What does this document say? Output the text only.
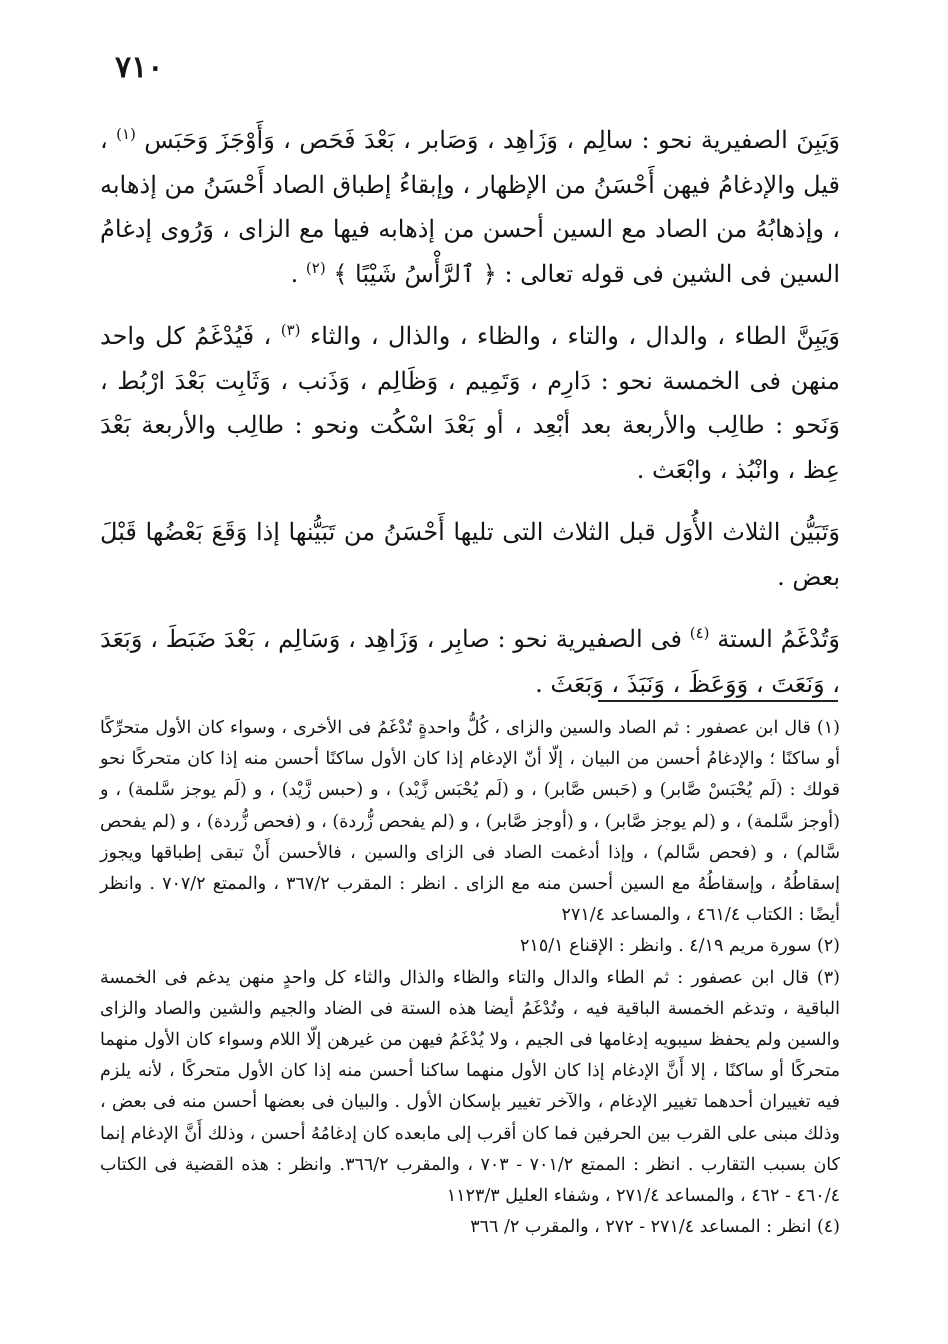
٧١٠

وَيَبِنَ الصفيرية نحو : سالِم ، وَزَاهِد ، وَصَابر ، بَعْدَ فَحَص ، وَأَوْجَزَ وَحَبَس $^{(١)}$ ، قيل والإدغامُ فيهن أَحْسَنُ من الإظهار ، وإبقاءُ إطباق الصاد أَحْسَنُ من إذهابه ، وإذهابُهُ من الصاد مع السين أحسن من إذهابه فيها مع الزاى ، وَرُوى إدغامُ السين فى الشين فى قوله تعالى : ﴿ ٱلرَّأْسُ شَيْبًا ﴾ $^{(٢)}$ .

وَيَبِنَّ الطاء ، والدال ، والتاء ، والظاء ، والذال ، والثاء $^{(٣)}$ ، فَيُدْغَمُ كل واحد منهن فى الخمسة نحو : دَارِم ، وَتَمِيم ، وَظَالِم ، وَذَنب ، وَثَابِت بَعْدَ ارْبُط ، وَنَحو : طالِب والأربعة بعد أبْعِد ، أو بَعْدَ اسْكُت ونحو : طالِب والأربعة بَعْدَ عِظ ، وانْبُذ ، وابْعَث .

وَتَبَيُّن الثلاث الأُوَل قبل الثلاث التى تليها أَحْسَنُ من تَبَيُّنها إذا وَقَعَ بَعْضُها قَبْلَ بعض .

وَتُدْغَمُ الستة $^{(٤)}$ فى الصفيرية نحو : صابِر ، وَزَاهِد ، وَسَالِم ، بَعْدَ ضَبَطَ ، وَبَعَدَ ، وَنَعَتَ ، وَوَعَظَ ، وَنَبَذَ ، وَبَعَثَ .

(١) قال ابن عصفور : ثم الصاد والسين والزاى ، كُلُّ واحدةٍ تُدْغَمُ فى الأخرى ، وسواء كان الأول متحرِّكًا أو ساكنًا ؛ والإدغامُ أحسن من البيان ، إلّا أنّ الإدغام إذا كان الأول ساكنًا أحسن منه إذا كان متحركًا نحو قولك : (لَم يُحْبَسْ صَّابر) و (حَبس صَّابر) ، و (لَم يُحْبَس زَّيْد) ، و (حبس زَّيْد) ، و (لَم يوجز سَّلمة) ، و (أوجز سَّلمة) ، و (لم يوجز صَّابر) ، و (أوجز صَّابر) ، و (لم يفحص زُّردة) ، و (فحص زُّردة) ، و (لم يفحص سَّالم) ، و (فحص سَّالم) ، وإذا أدغمت الصاد فى الزاى والسين ، فالأحسن أَنْ تبقى إطباقها ويجوز إسقاطُهُ ، وإسقاطُهُ مع السين أحسن منه مع الزاى . انظر : المقرب ٣٦٧/٢ ، والممتع ٧٠٧/٢ . وانظر أيضًا : الكتاب ٤٦١/٤ ، والمساعد ٢٧١/٤

(٢) سورة مريم ٤/١٩ . وانظر : الإقناع ٢١٥/١

(٣) قال ابن عصفور : ثم الطاء والدال والتاء والظاء والذال والثاء كل واحدٍ منهن يدغم فى الخمسة الباقية ، وتدغم الخمسة الباقية فيه ، وتُدْغَمُ أيضا هذه الستة فى الضاد والجيم والشين والصاد والزاى والسين ولم يحفظ سيبويه إدغامها فى الجيم ، ولا يُدْغَمُ فيهن من غيرهن إلّا اللام وسواء كان الأول منهما متحركًا أو ساكنًا ، إلا أَنَّ الإدغام إذا كان الأول منهما ساكنا أحسن منه إذا كان الأول متحركًا ، لأنه يلزم فيه تغييران أحدهما تغيير الإدغام ، والآخر تغيير بإسكان الأول . والبيان فى بعضها أحسن منه فى بعض ، وذلك مبنى على القرب بين الحرفين فما كان أقرب إلى مابعده كان إدغامُهُ أحسن ، وذلك أَنَّ الإدغام إنما كان بسبب التقارب . انظر : الممتع ٧٠١/٢ - ٧٠٣ ، والمقرب ٣٦٦/٢. وانظر : هذه القضية فى الكتاب ٤٦٠/٤ - ٤٦٢ ، والمساعد ٢٧١/٤ ، وشفاء العليل ١١٢٣/٣

(٤) انظر : المساعد ٢٧١/٤ - ٢٧٢ ، والمقرب ٢/ ٣٦٦
